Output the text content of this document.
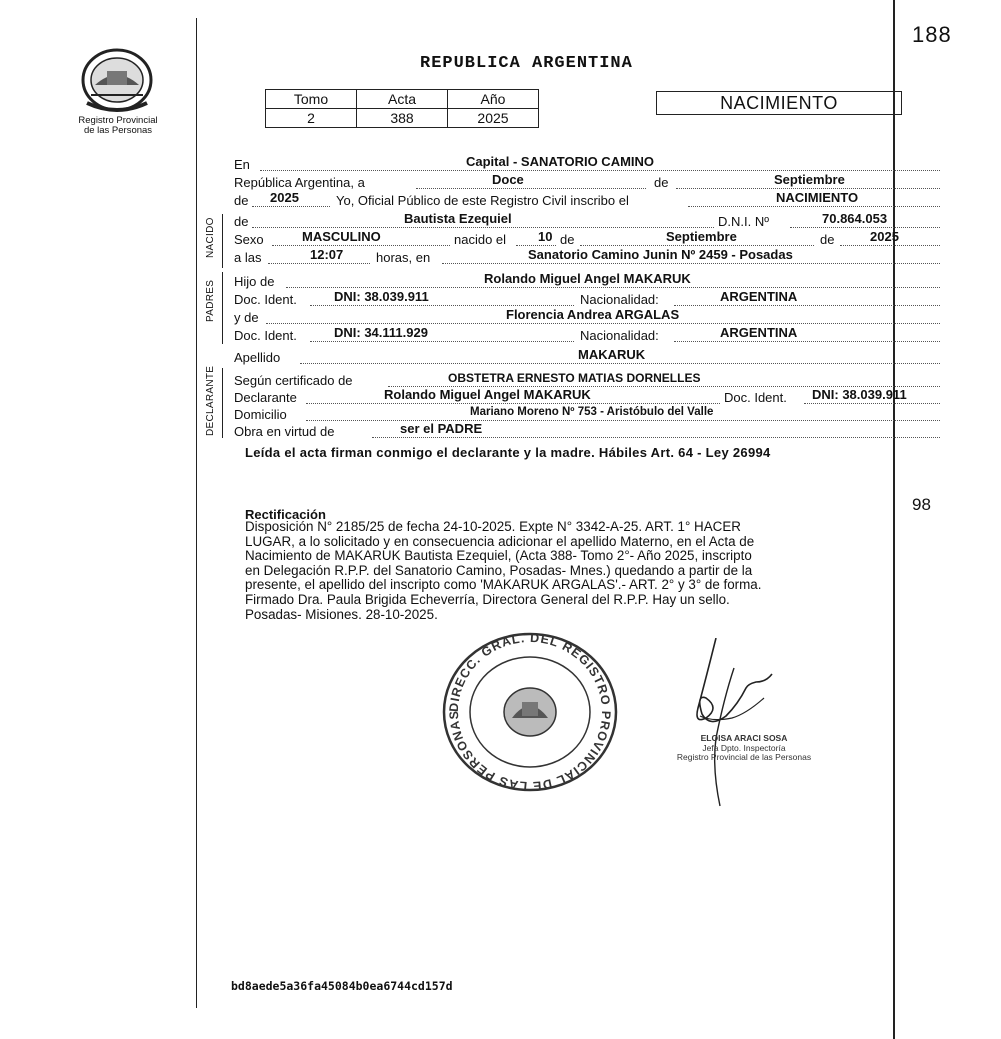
188
Registro Provincial
de las Personas
REPUBLICA ARGENTINA
Tomo	Acta	Año
2	388	2025
NACIMIENTO
NACIDO
PADRES
DECLARANTE
En	Capital - SANATORIO CAMINO
República Argentina, a	Doce	de	Septiembre
de 2025	Yo, Oficial Público de este Registro Civil inscribo el	NACIMIENTO
de	Bautista Ezequiel	D.N.I. Nº	70.864.053
Sexo	MASCULINO	nacido el 10 de	Septiembre	de	2025
a las	12:07	horas, en	Sanatorio Camino Junin Nº 2459 - Posadas
Hijo de	Rolando Miguel Angel MAKARUK
Doc. Ident.	DNI: 38.039.911	Nacionalidad:	ARGENTINA
y de	Florencia Andrea ARGALAS
Doc. Ident.	DNI: 34.111.929	Nacionalidad:	ARGENTINA
Apellido	MAKARUK
Según certificado de	OBSTETRA ERNESTO MATIAS DORNELLES
Declarante	Rolando Miguel Angel MAKARUK	Doc. Ident. DNI: 38.039.911
Domicilio	Mariano Moreno Nº 753 - Aristóbulo del Valle
Obra en virtud de	ser el PADRE
Leída el acta firman conmigo el declarante y la madre. Hábiles Art. 64 - Ley 26994
98
Rectificación
Disposición N° 2185/25 de fecha 24-10-2025. Expte N° 3342-A-25. ART. 1° HACER
LUGAR, a lo solicitado y en consecuencia adicionar el apellido Materno, en el Acta de
Nacimiento de MAKARUK Bautista Ezequiel, (Acta 388- Tomo 2°- Año 2025, inscripto
en Delegación R.P.P. del Sanatorio Camino, Posadas- Mnes.) quedando a partir de la
presente, el apellido del inscripto como 'MAKARUK ARGALAS'.- ART. 2° y 3° de forma.
Firmado Dra. Paula Brigida Echeverría, Directora General del R.P.P. Hay un sello.
Posadas- Misiones. 28-10-2025.
DIRECC. GRAL. DEL REGISTRO PROVINCIAL DE LAS PERSONAS
ELOISA ARACI SOSA
Jefa Dpto. Inspectoría
Registro Provincial de las Personas
bd8aede5a36fa45084b0ea6744cd157d
